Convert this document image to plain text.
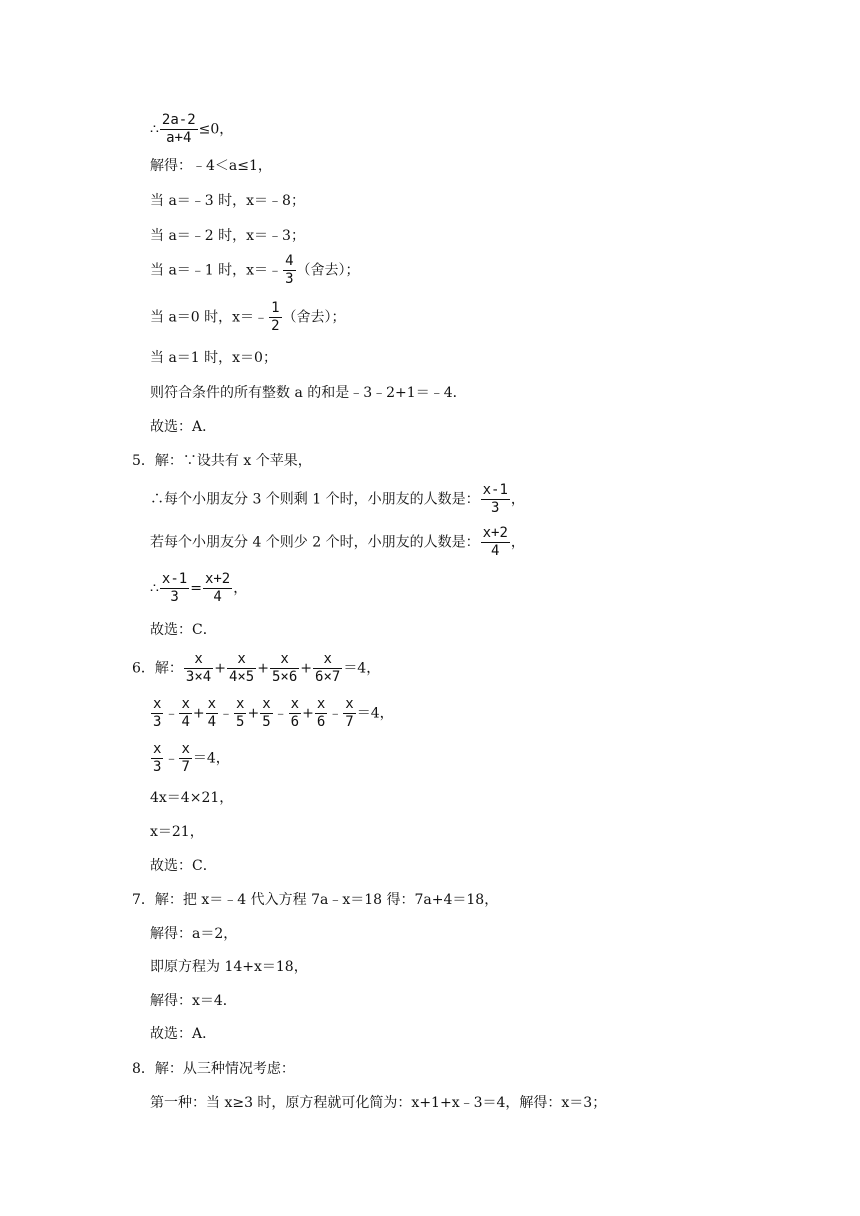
∴ $\frac{2a-2}{a+4} \le 0$，
解得：﹣4＜a≤1，
当 a＝﹣3 时，x＝﹣8；
当 a＝﹣2 时，x＝﹣3；
当 a＝﹣1 时，x＝﹣ $\frac{4}{3}$ （舍去）；
当 a＝0 时，x＝﹣ $\frac{1}{2}$ （舍去）；
当 a＝1 时，x＝0；
则符合条件的所有整数 a 的和是﹣3﹣2+1＝﹣4．
故选：A．
5．解：∵设共有 x 个苹果，
∴每个小朋友分 3 个则剩 1 个时，小朋友的人数是： $\frac{x-1}{3}$ ，
若每个小朋友分 4 个则少 2 个时，小朋友的人数是： $\frac{x+2}{4}$ ，
∴ $\frac{x-1}{3} = \frac{x+2}{4}$ ，
故选：C．
6．解： $\frac{x}{3\times 4} + \frac{x}{4\times 5} + \frac{x}{5\times 6} + \frac{x}{6\times 7} =4$，
$\frac{x}{3}$ ﹣ $\frac{x}{4} + \frac{x}{4}$ ﹣ $\frac{x}{5} + \frac{x}{5}$ ﹣ $\frac{x}{6} + \frac{x}{6}$ ﹣ $\frac{x}{7} =4$，
$\frac{x}{3}$ ﹣ $\frac{x}{7} =4$，
4x＝4×21，
x＝21，
故选：C．
7．解：把 x＝﹣4 代入方程 7a﹣x＝18 得：7a+4＝18，
解得：a＝2，
即原方程为 14+x＝18，
解得：x＝4．
故选：A．
8．解：从三种情况考虑：
第一种：当 x≥3 时，原方程就可化简为：x+1+x﹣3＝4，解得：x＝3；
